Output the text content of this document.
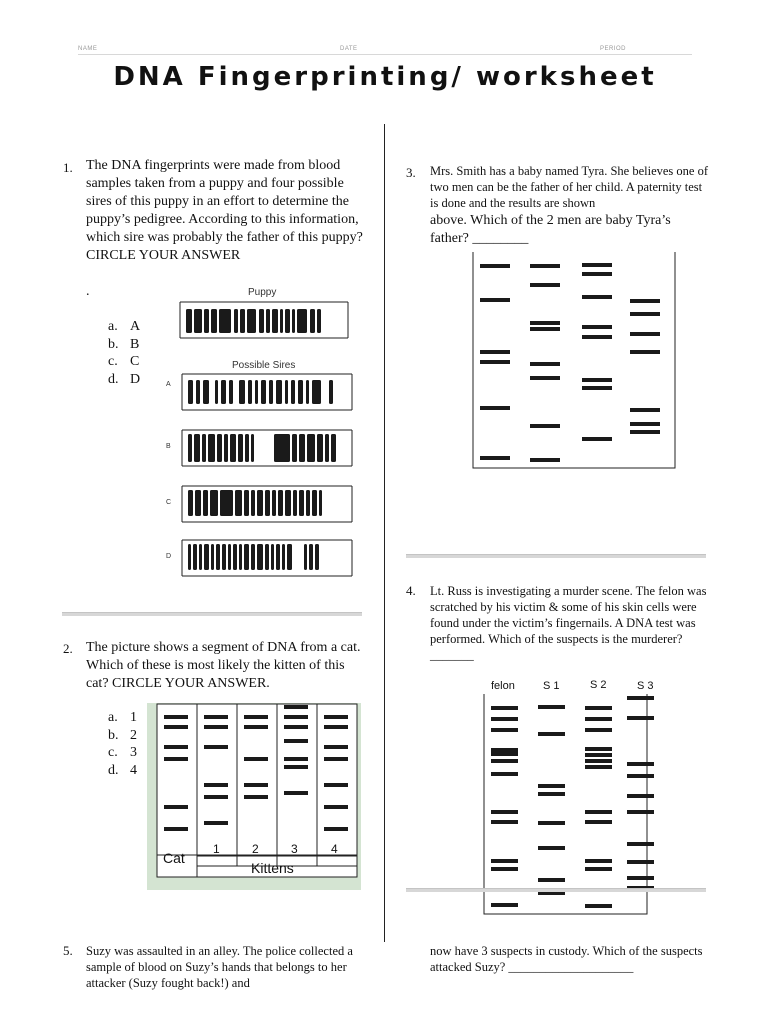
NAME	DATE	PERIOD
DNA Fingerprinting/ worksheet
1. The DNA fingerprints were made from blood samples taken from a puppy and four possible sires of this puppy in an effort to determine the puppy’s pedigree. According to this information, which sire was probably the father of this puppy? CIRCLE YOUR ANSWER
.
a. A
b. B
c. C
d. D
Puppy
Possible Sires
A
B
C
D
2. The picture shows a segment of DNA from a cat. Which of these is most likely the kitten of this cat? CIRCLE YOUR ANSWER.
a. 1
b. 2
c. 3
d. 4
Cat
Kittens
1	2	3	4
3. Mrs. Smith has a baby named Tyra. She believes one of two men can be the father of her child. A paternity test is done and the results are shown
above. Which of the 2 men are baby Tyra’s father? ________
4. Lt. Russ is investigating a murder scene. The felon was scratched by his victim & some of his skin cells were found under the victim’s fingernails. A DNA test was performed. Which of the suspects is the murderer? _______
felon	S 1	S 2	S 3
5. Suzy was assaulted in an alley. The police collected a sample of blood on Suzy’s hands that belongs to her attacker (Suzy fought back!) and
now have 3 suspects in custody. Which of the suspects attacked Suzy? ____________________
